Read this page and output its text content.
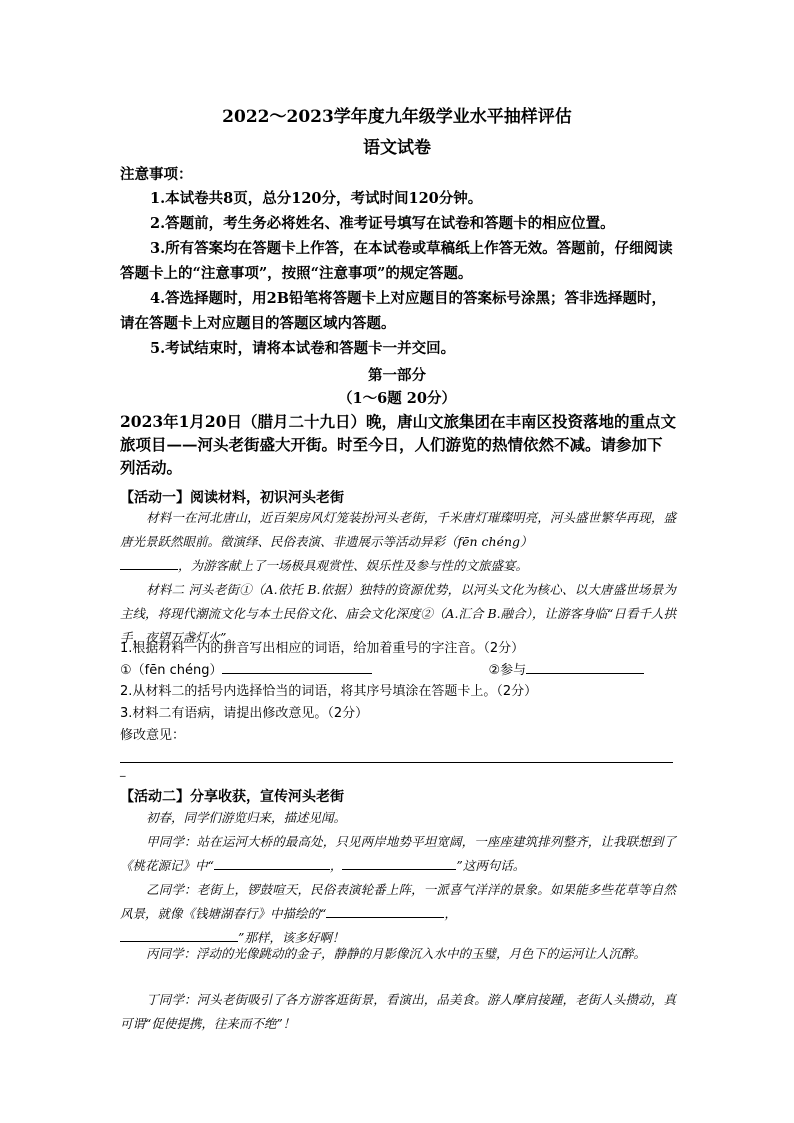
2022～2023学年度九年级学业水平抽样评估
语文试卷
注意事项：
1.本试卷共8页，总分120分，考试时间120分钟。
2.答题前，考生务必将姓名、准考证号填写在试卷和答题卡的相应位置。
3.所有答案均在答题卡上作答，在本试卷或草稿纸上作答无效。答题前，仔细阅读答题卡上的“注意事项”，按照“注意事项”的规定答题。
4.答选择题时，用2B铅笔将答题卡上对应题目的答案标号涂黑；答非选择题时，请在答题卡上对应题目的答题区域内答题。
5.考试结束时，请将本试卷和答题卡一并交回。
第一部分
（1～6题 20分）
2023年1月20日（腊月二十九日）晚，唐山文旅集团在丰南区投资落地的重点文旅项目——河头老街盛大开街。时至今日，人们游览的热情依然不减。请参加下列活动。
【活动一】阅读材料，初识河头老街
材料一在河北唐山，近百架房风灯笼装扮河头老街，千米唐灯璀璨明亮，河头盛世繁华再现，盛唐光景跃然眼前。徵演绎、民俗表演、非遗展示等活动异彩（fēn chéng）
，为游客献上了一场极具观赏性、娱乐性及参与性的文旅盛宴。
材料二 河头老街①（A.依托 B.依据）独特的资源优势，以河头文化为核心、以大唐盛世场景为主线，将现代潮流文化与本土民俗文化、庙会文化深度②（A.汇合 B.融合），让游客身临“日看千人拱手，夜望万盏灯火”。
1.根据材料一内的拼音写出相应的词语，给加着重号的字注音。（2分）
①（fēn chéng）	②参与
2.从材料二的括号内选择恰当的词语，将其序号填涂在答题卡上。（2分）
3.材料二有语病，请提出修改意见。（2分）
修改意见：
_
【活动二】分享收获，宣传河头老街
初春，同学们游览归来，描述见闻。
甲同学：站在运河大桥的最高处，只见两岸地势平坦宽阔，一座座建筑排列整齐，让我联想到了《桃花源记》中“	，	”这两句话。
乙同学：老街上，锣鼓喧天，民俗表演轮番上阵，一派喜气洋洋的景象。如果能多些花草等自然风景，就像《钱塘湖春行》中描绘的“	，
”那样，该多好啊！
丙同学：浮动的光像跳动的金子，静静的月影像沉入水中的玉璧，月色下的运河让人沉醉。
丁同学：河头老街吸引了各方游客逛街景，看演出，品美食。游人摩肩接踵，老街人头攒动，真可谓“促使提携，往来而不绝”！
